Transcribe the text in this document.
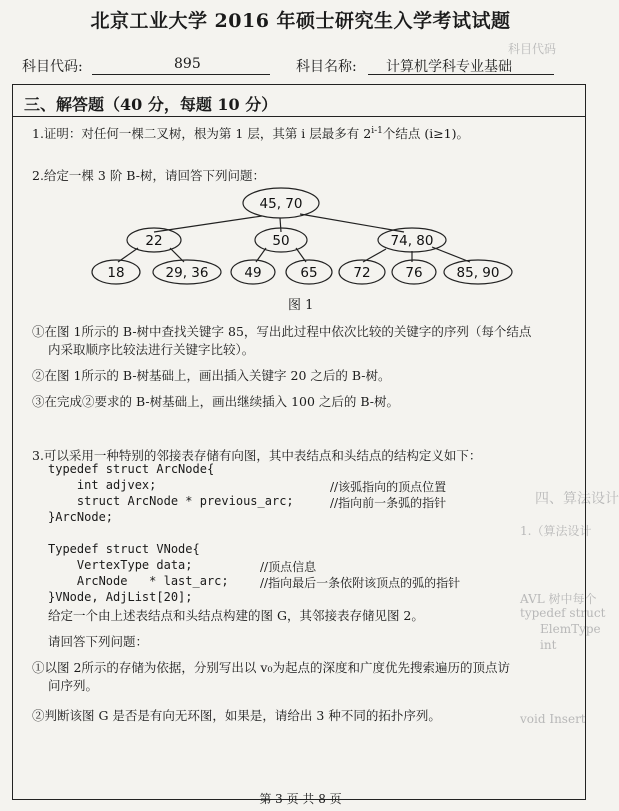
科目代码
四、算法设计
1.（算法设计
AVL 树中每个
typedef struct
ElemType
int
void Insert
北京工业大学 2016 年硕士研究生入学考试试题
科目代码:	895	科目名称: 计算机学科专业基础
三、解答题（40 分，每题 10 分）
1.证明：对任何一棵二叉树，根为第 1 层，其第 i 层最多有 2$^{i-1}$个结点 (i≥1)。
2.给定一棵 3 阶 B-树，请回答下列问题：
45, 70
22	50	74, 80
18	29, 36	49	65	72	76	85, 90
图 1
①在图 1所示的 B-树中查找关键字 85，写出此过程中依次比较的关键字的序列（每个结点
内采取顺序比较法进行关键字比较）。
②在图 1所示的 B-树基础上，画出插入关键字 20 之后的 B-树。
③在完成②要求的 B-树基础上，画出继续插入 100 之后的 B-树。
3.可以采用一种特别的邻接表存储有向图，其中表结点和头结点的结构定义如下：
typedef struct ArcNode{
int adjvex;	//该弧指向的顶点位置
struct ArcNode * previous_arc;	//指向前一条弧的指针
}ArcNode;
Typedef struct VNode{
VertexType data;	//顶点信息
ArcNode   * last_arc;	//指向最后一条依附该顶点的弧的指针
}VNode, AdjList[20];
给定一个由上述表结点和头结点构建的图 G，其邻接表存储见图 2。
请回答下列问题：
①以图 2所示的存储为依据，分别写出以 v₀为起点的深度和广度优先搜索遍历的顶点访
问序列。
②判断该图 G 是否是有向无环图，如果是，请给出 3 种不同的拓扑序列。
第 3 页 共 8 页
